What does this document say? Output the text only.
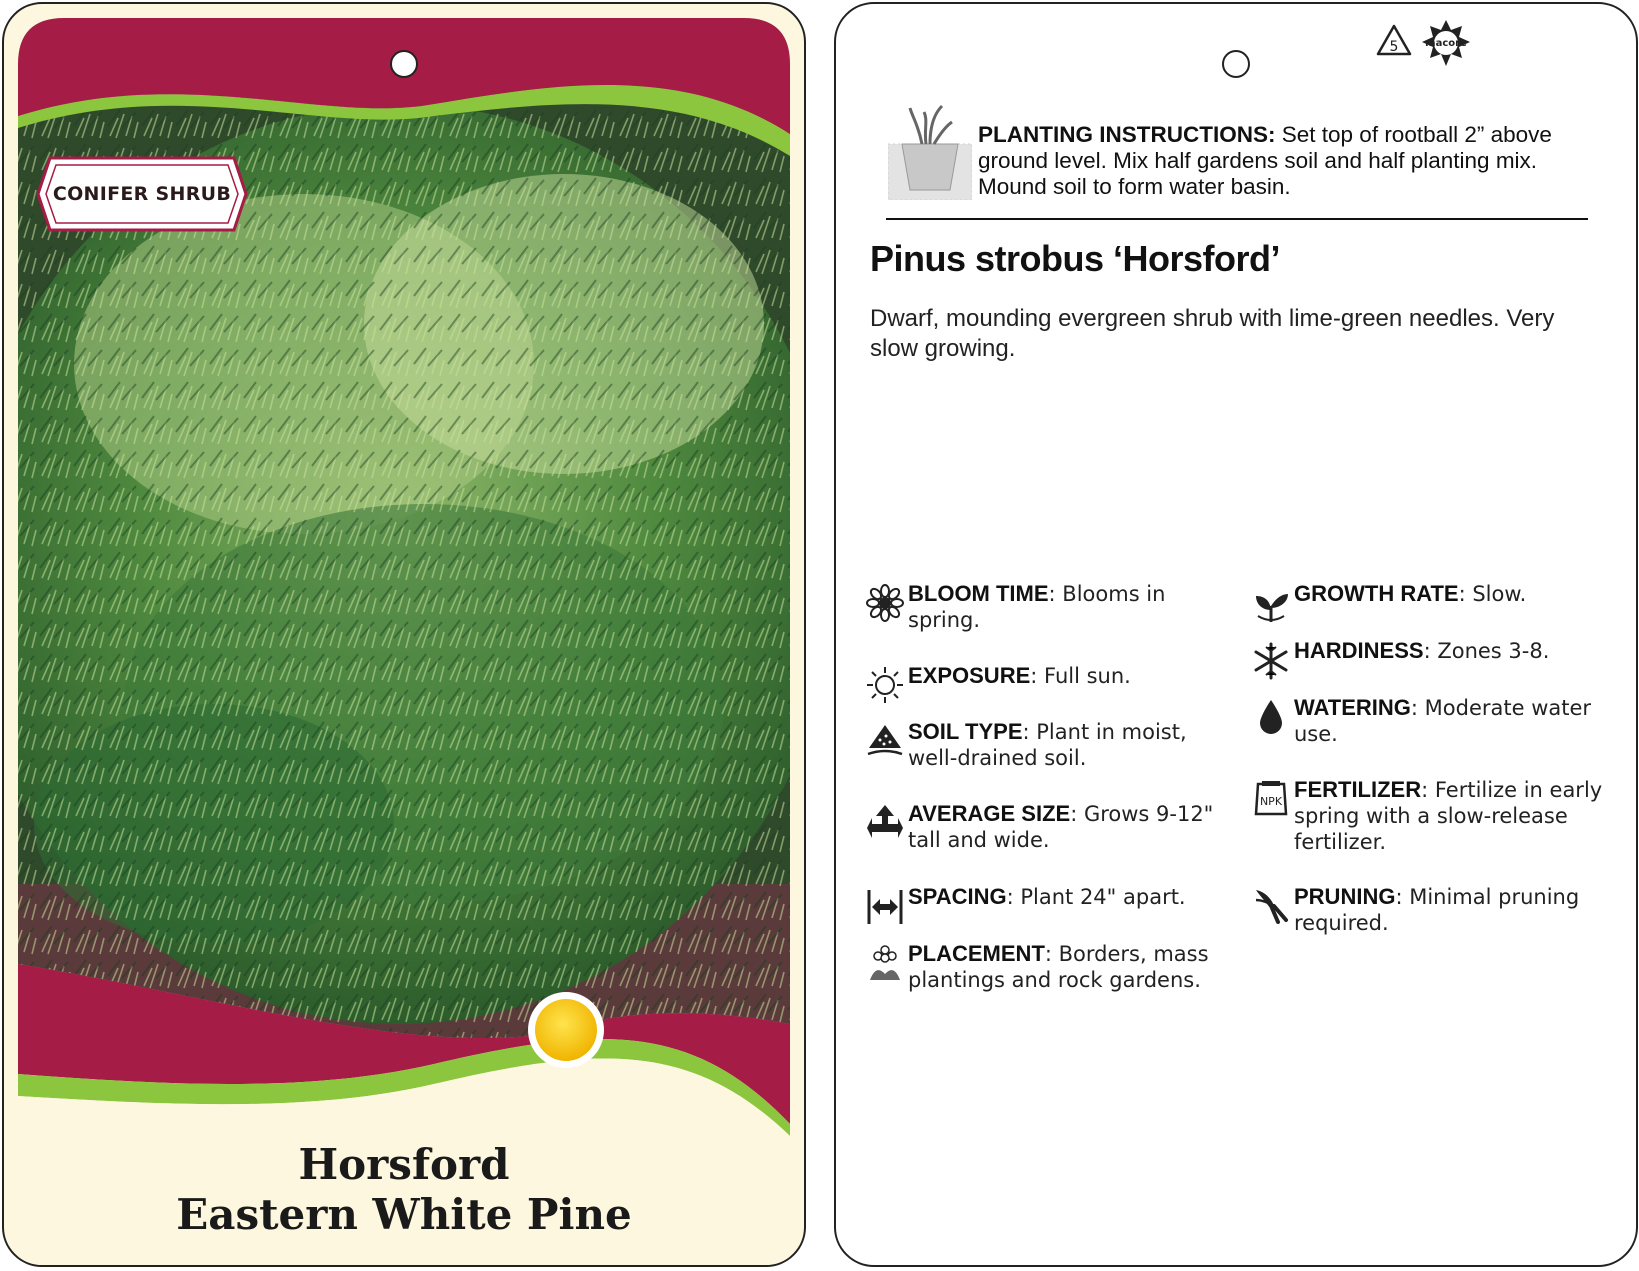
CONIFER SHRUB
Horsford
Eastern White Pine
5	macore
PLANTING INSTRUCTIONS: Set top of rootball 2” above ground level. Mix half gardens soil and half planting mix. Mound soil to form water basin.
Pinus strobus ‘Horsford’
Dwarf, mounding evergreen shrub with lime-green needles. Very slow growing.
BLOOM TIME: Blooms in spring.
EXPOSURE: Full sun.
SOIL TYPE: Plant in moist, well-drained soil.
AVERAGE SIZE: Grows 9-12" tall and wide.
SPACING: Plant 24" apart.
PLACEMENT: Borders, mass plantings and rock gardens.
GROWTH RATE: Slow.
HARDINESS: Zones 3-8.
WATERING: Moderate water use.
NPK FERTILIZER: Fertilize in early spring with a slow-release fertilizer.
PRUNING: Minimal pruning required.
